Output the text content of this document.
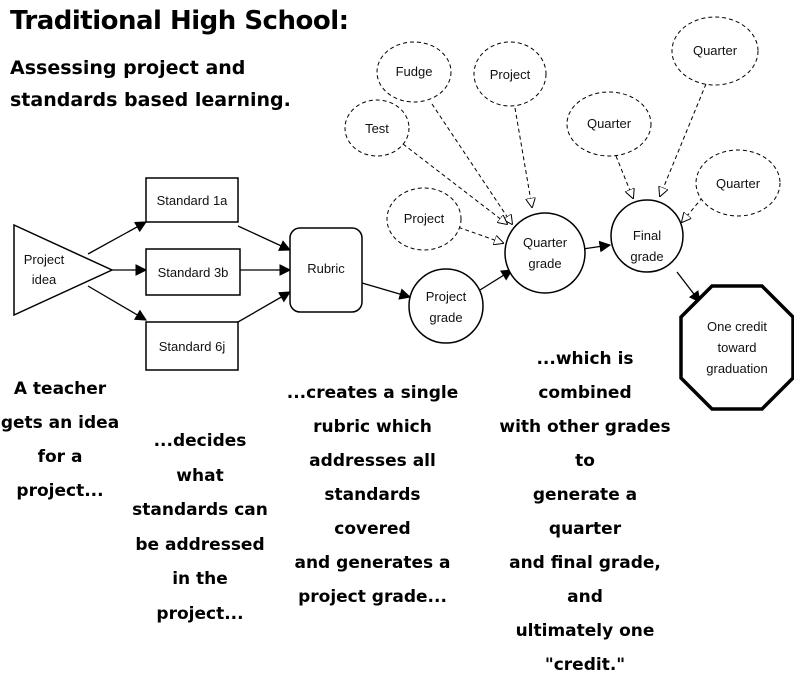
Traditional High School:
Assessing project and standards based learning.
Project idea
Standard 1a
Standard 3b
Standard 6j
Rubric
Project grade
Quarter grade
Final grade
One credit toward graduation
Fudge	Project
Test
Project
Quarter
Quarter
Quarter
A teacher
gets an idea
for a
project...
...decides what
standards can
be addressed
in the
project...
...creates a single
rubric which
addresses all
standards covered
and generates a
project grade...
...which is combined
with other grades to
generate a quarter
and final grade, and
ultimately one
"credit."
